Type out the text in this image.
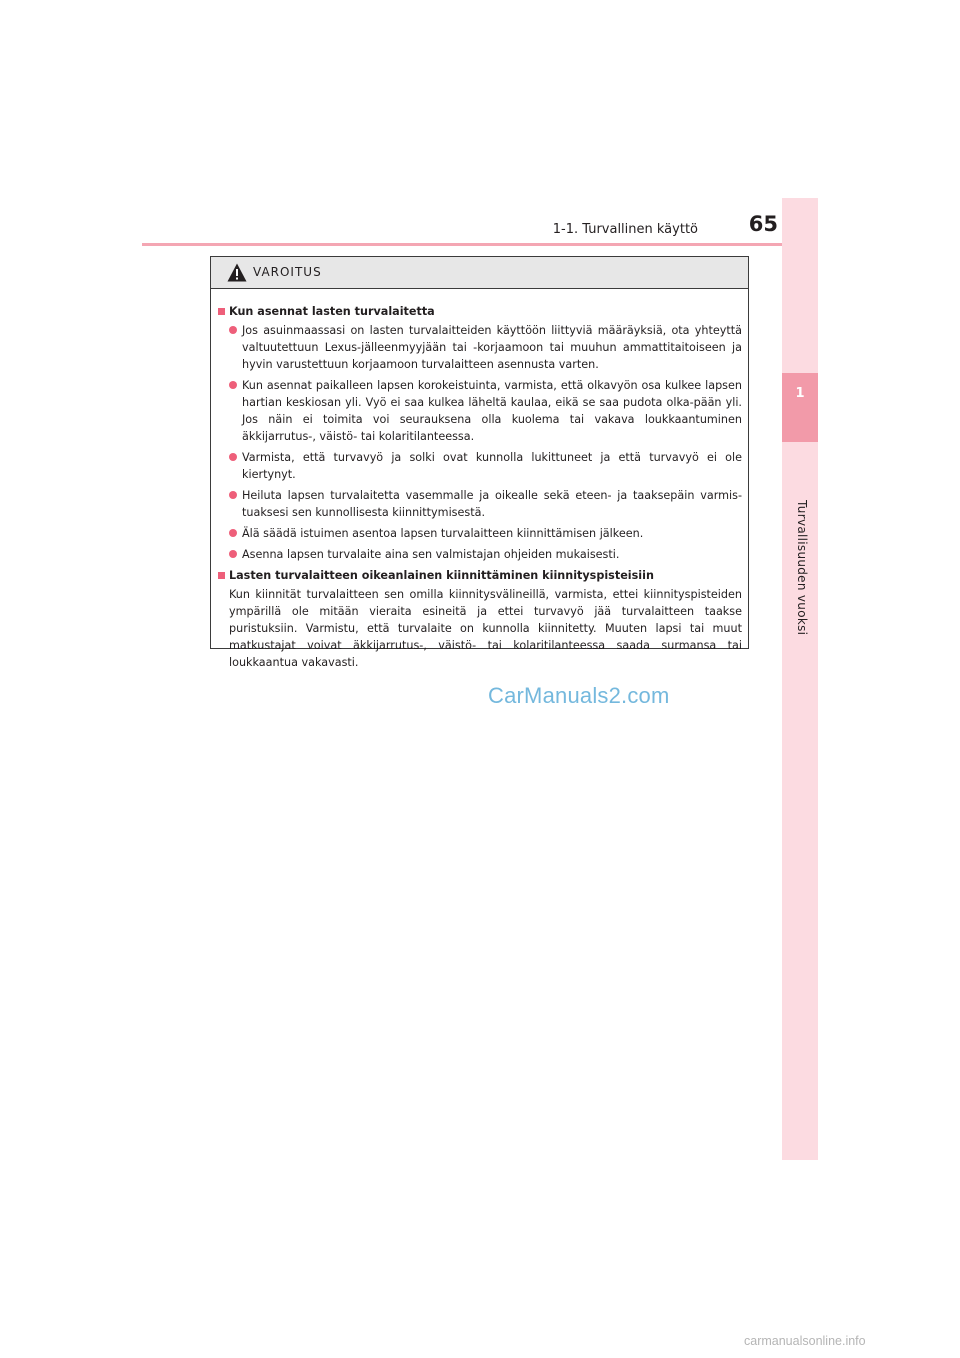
1-1. Turvallinen käyttö	65
1
Turvallisuuden vuoksi
VAROITUS
Kun asennat lasten turvalaitetta
Jos asuinmaassasi on lasten turvalaitteiden käyttöön liittyviä määräyksiä, ota yhteyttä valtuutettuun Lexus-jälleenmyyjään tai -korjaamoon tai muuhun ammattitaitoiseen ja hyvin varustettuun korjaamoon turvalaitteen asennusta varten.
Kun asennat paikalleen lapsen korokeistuinta, varmista, että olkavyön osa kulkee lapsen hartian keskiosan yli. Vyö ei saa kulkea läheltä kaulaa, eikä se saa pudota olka-pään yli. Jos näin ei toimita voi seurauksena olla kuolema tai vakava loukkaantuminen äkkijarrutus-, väistö- tai kolaritilanteessa.
Varmista, että turvavyö ja solki ovat kunnolla lukittuneet ja että turvavyö ei ole kiertynyt.
Heiluta lapsen turvalaitetta vasemmalle ja oikealle sekä eteen- ja taaksepäin varmis-tuaksesi sen kunnollisesta kiinnittymisestä.
Älä säädä istuimen asentoa lapsen turvalaitteen kiinnittämisen jälkeen.
Asenna lapsen turvalaite aina sen valmistajan ohjeiden mukaisesti.
Lasten turvalaitteen oikeanlainen kiinnittäminen kiinnityspisteisiin
Kun kiinnität turvalaitteen sen omilla kiinnitysvälineillä, varmista, ettei kiinnityspisteiden ympärillä ole mitään vieraita esineitä ja ettei turvavyö jää turvalaitteen taakse puristuksiin. Varmistu, että turvalaite on kunnolla kiinnitetty. Muuten lapsi tai muut matkustajat voivat äkkijarrutus-, väistö- tai kolaritilanteessa saada surmansa tai loukkaantua vakavasti.
CarManuals2.com
carmanualsonline.info
